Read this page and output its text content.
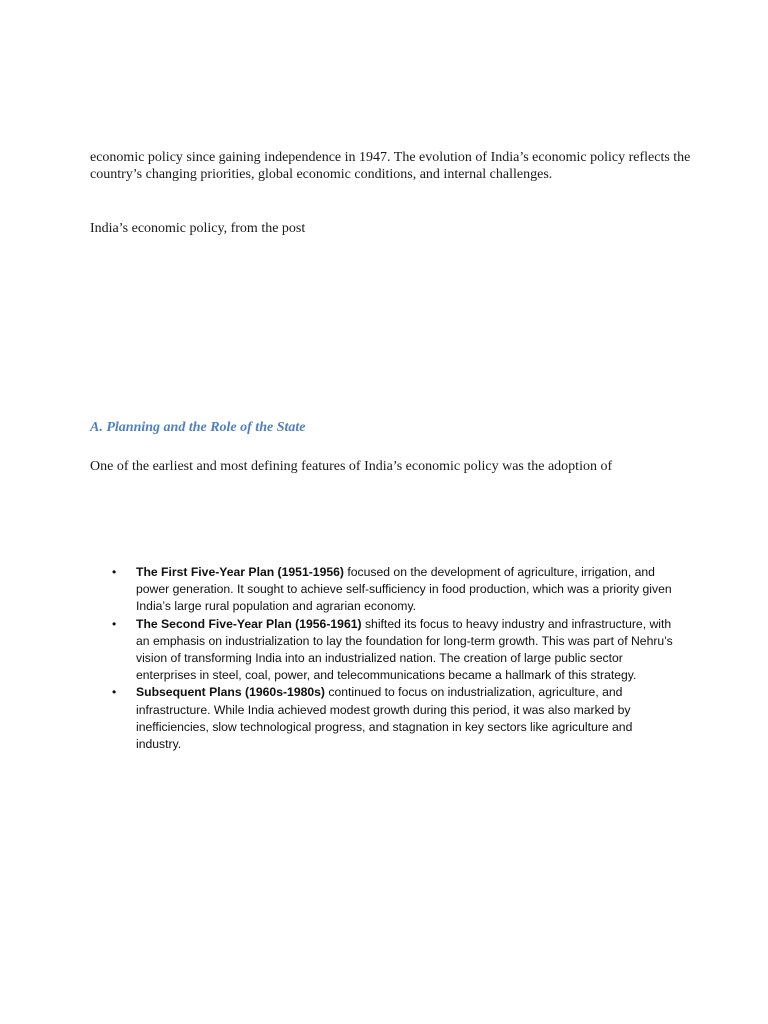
economic policy since gaining independence in 1947. The evolution of India’s economic policy reflects the country’s changing priorities, global economic conditions, and internal challenges.

India’s economic policy, from the post

A. Planning and the Role of the State

One of the earliest and most defining features of India’s economic policy was the adoption of

• The First Five-Year Plan (1951-1956) focused on the development of agriculture, irrigation, and power generation. It sought to achieve self-sufficiency in food production, which was a priority given India’s large rural population and agrarian economy.
• The Second Five-Year Plan (1956-1961) shifted its focus to heavy industry and infrastructure, with an emphasis on industrialization to lay the foundation for long-term growth. This was part of Nehru’s vision of transforming India into an industrialized nation. The creation of large public sector enterprises in steel, coal, power, and telecommunications became a hallmark of this strategy.
• Subsequent Plans (1960s-1980s) continued to focus on industrialization, agriculture, and infrastructure. While India achieved modest growth during this period, it was also marked by inefficiencies, slow technological progress, and stagnation in key sectors like agriculture and industry.
